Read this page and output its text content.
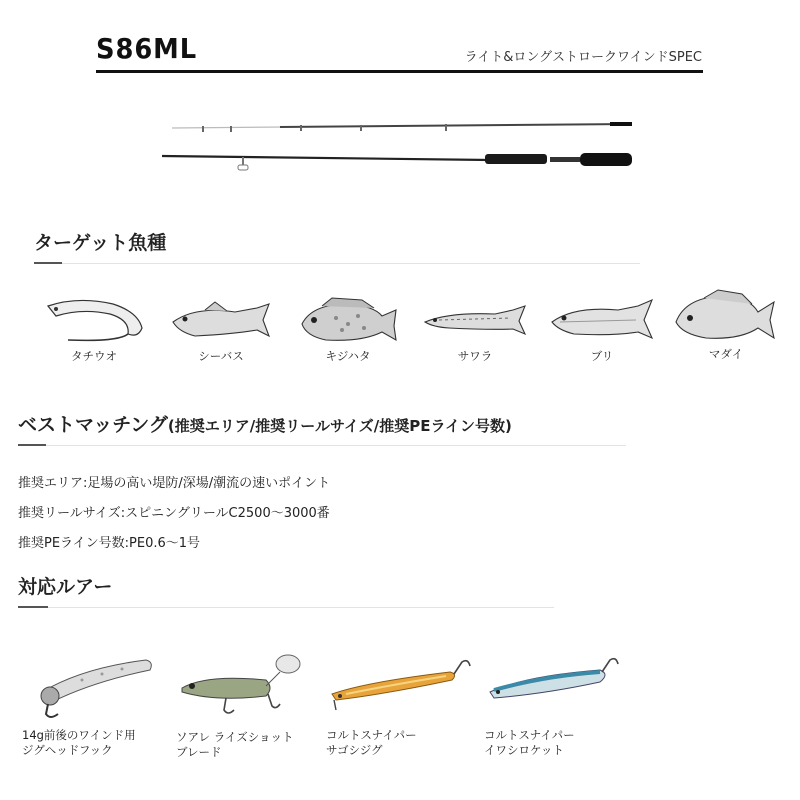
S86ML	ライト&ロングストロークワインドSPEC
ターゲット魚種
タチウオ	シーバス	キジハタ	サワラ	ブリ	マダイ
ベストマッチング(推奨エリア/推奨リールサイズ/推奨PEライン号数)
推奨エリア:足場の高い堤防/深場/潮流の速いポイント
推奨リールサイズ:スピニングリールC2500〜3000番
推奨PEライン号数:PE0.6〜1号
対応ルアー
14g前後のワインド用
ジグヘッドフック
ソアレ ライズショット
ブレード
コルトスナイパー
サゴシジグ
コルトスナイパー
イワシロケット
